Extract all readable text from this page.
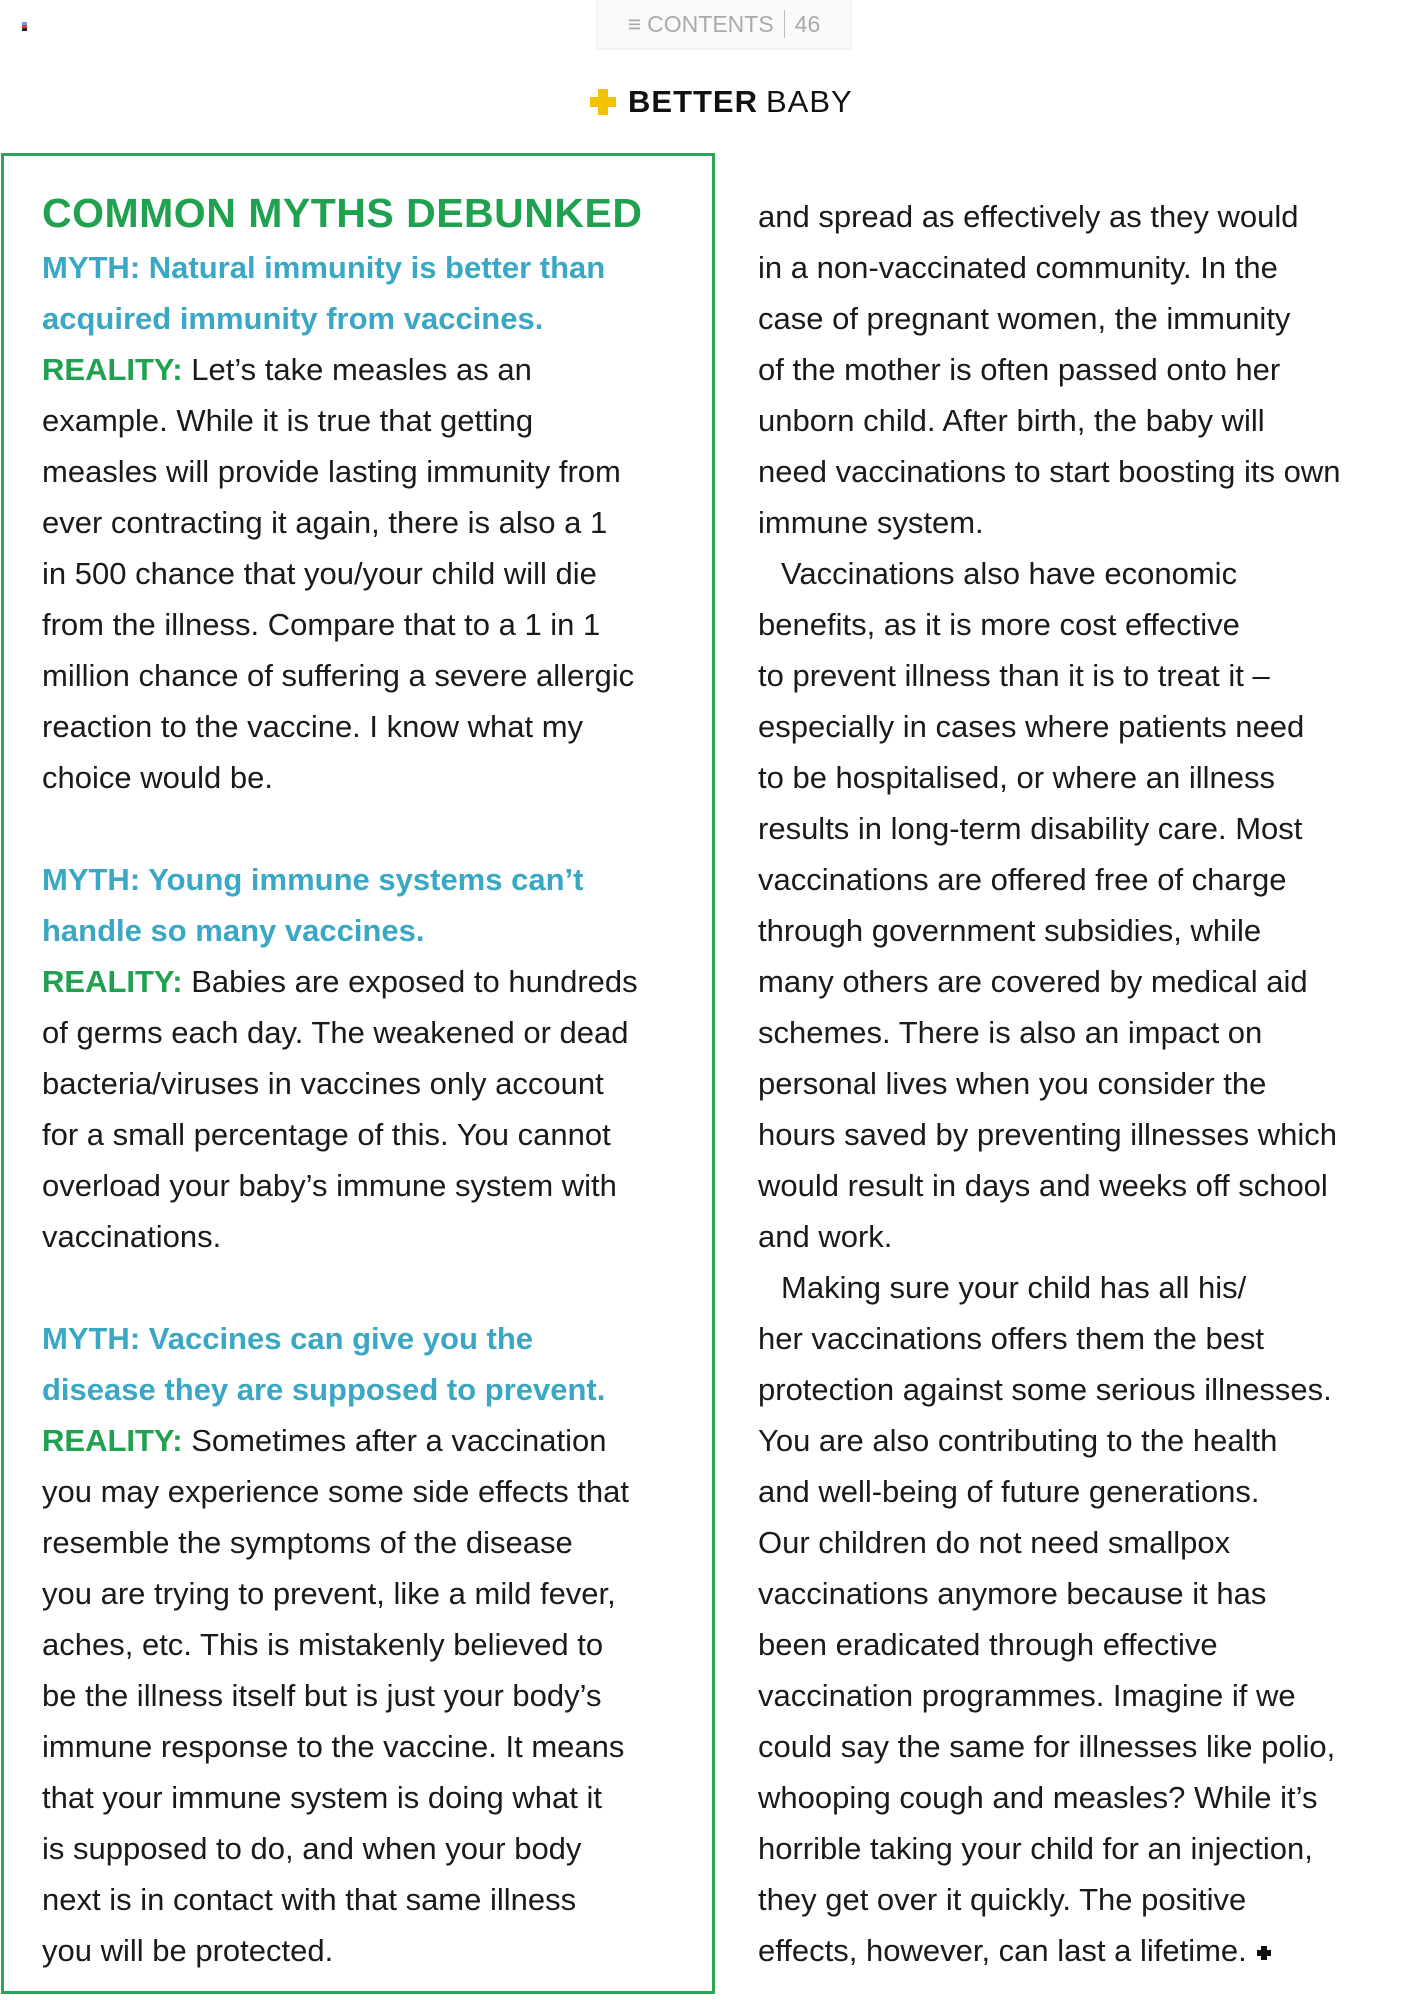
≡ CONTENTS 46
BETTER BABY
COMMON MYTHS DEBUNKED
MYTH: Natural immunity is better than
acquired immunity from vaccines.
REALITY: Let’s take measles as an
example. While it is true that getting
measles will provide lasting immunity from
ever contracting it again, there is also a 1
in 500 chance that you/your child will die
from the illness. Compare that to a 1 in 1
million chance of suffering a severe allergic
reaction to the vaccine. I know what my
choice would be.
MYTH: Young immune systems can’t
handle so many vaccines.
REALITY: Babies are exposed to hundreds
of germs each day. The weakened or dead
bacteria/viruses in vaccines only account
for a small percentage of this. You cannot
overload your baby’s immune system with
vaccinations.
MYTH: Vaccines can give you the
disease they are supposed to prevent.
REALITY: Sometimes after a vaccination
you may experience some side effects that
resemble the symptoms of the disease
you are trying to prevent, like a mild fever,
aches, etc. This is mistakenly believed to
be the illness itself but is just your body’s
immune response to the vaccine. It means
that your immune system is doing what it
is supposed to do, and when your body
next is in contact with that same illness
you will be protected.
and spread as effectively as they would
in a non-vaccinated community. In the
case of pregnant women, the immunity
of the mother is often passed onto her
unborn child. After birth, the baby will
need vaccinations to start boosting its own
immune system.
Vaccinations also have economic
benefits, as it is more cost effective
to prevent illness than it is to treat it –
especially in cases where patients need
to be hospitalised, or where an illness
results in long-term disability care. Most
vaccinations are offered free of charge
through government subsidies, while
many others are covered by medical aid
schemes. There is also an impact on
personal lives when you consider the
hours saved by preventing illnesses which
would result in days and weeks off school
and work.
Making sure your child has all his/
her vaccinations offers them the best
protection against some serious illnesses.
You are also contributing to the health
and well-being of future generations.
Our children do not need smallpox
vaccinations anymore because it has
been eradicated through effective
vaccination programmes. Imagine if we
could say the same for illnesses like polio,
whooping cough and measles? While it’s
horrible taking your child for an injection,
they get over it quickly. The positive
effects, however, can last a lifetime.
